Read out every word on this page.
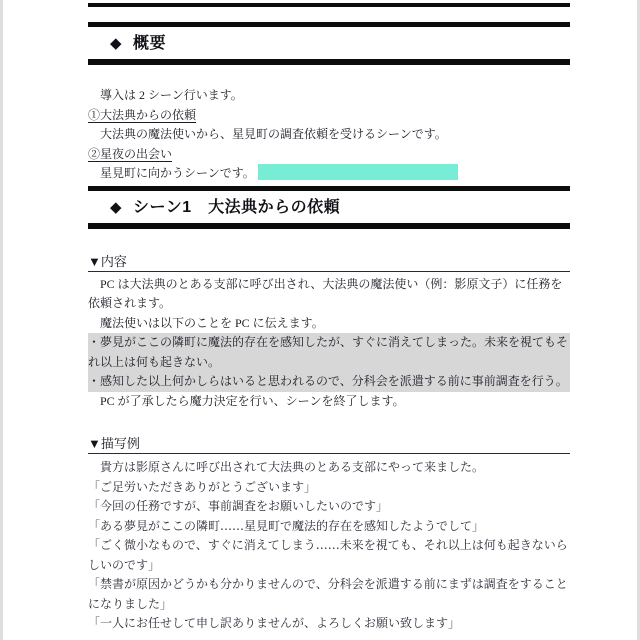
◆ 概要
導入は 2 シーン行います。
①大法典からの依頼
大法典の魔法使いから、星見町の調査依頼を受けるシーンです。
②星夜の出会い
星見町に向かうシーンです。
◆ シーン1　大法典からの依頼
▼内容
PC は大法典のとある支部に呼び出され、大法典の魔法使い（例：影原文子）に任務を依頼されます。
魔法使いは以下のことを PC に伝えます。
・夢見がここの隣町に魔法的存在を感知したが、すぐに消えてしまった。未来を視てもそれ以上は何も起きない。
・感知した以上何かしらはいると思われるので、分科会を派遣する前に事前調査を行う。
PC が了承したら魔力決定を行い、シーンを終了します。
▼描写例
貴方は影原さんに呼び出されて大法典のとある支部にやって来ました。
「ご足労いただきありがとうございます」
「今回の任務ですが、事前調査をお願いしたいのです」
「ある夢見がここの隣町……星見町で魔法的存在を感知したようでして」
「ごく微小なもので、すぐに消えてしまう……未来を視ても、それ以上は何も起きないらしいのです」
「禁書が原因かどうかも分かりませんので、分科会を派遣する前にまずは調査をすることになりました」
「一人にお任せして申し訳ありませんが、よろしくお願い致します」
